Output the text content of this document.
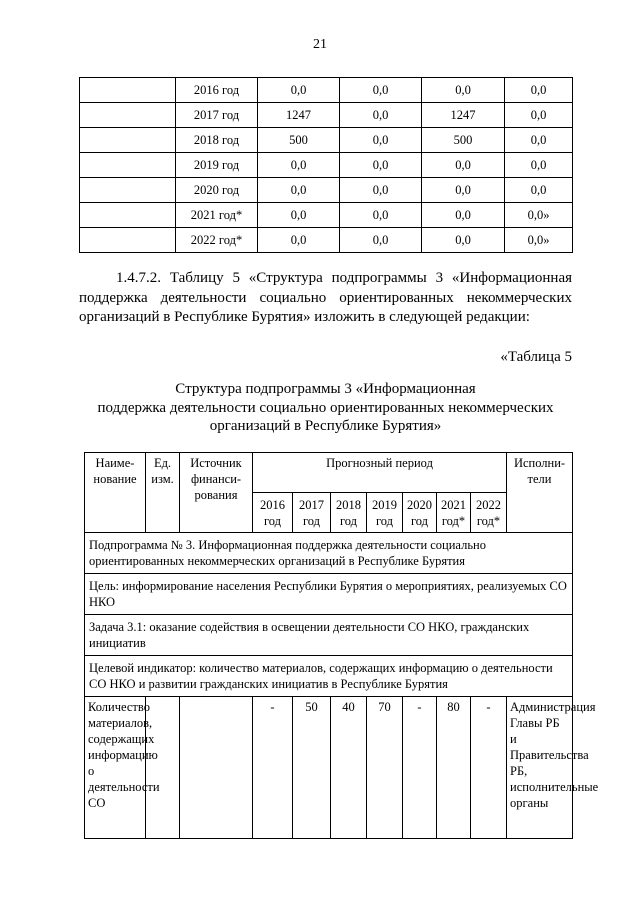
21
	2016 год	0,0	0,0	0,0	0,0
	2017 год	1247	0,0	1247	0,0
	2018 год	500	0,0	500	0,0
	2019 год	0,0	0,0	0,0	0,0
	2020 год	0,0	0,0	0,0	0,0
	2021 год*	0,0	0,0	0,0	0,0»
	2022 год*	0,0	0,0	0,0	0,0»
1.4.7.2. Таблицу 5 «Структура подпрограммы 3 «Информационная поддержка деятельности социально ориентированных некоммерческих организаций в Республике Бурятия» изложить в следующей редакции:
«Таблица 5
Структура подпрограммы 3 «Информационная
поддержка деятельности социально ориентированных некоммерческих
организаций в Республике Бурятия»
Наиме-нование	Ед. изм.	Источник финанси-рования	Прогнозный период							Исполни-тели
			2016 год	2017 год	2018 год	2019 год	2020 год	2021 год*	2022 год*	
Подпрограмма № 3. Информационная поддержка деятельности социально ориентированных некоммерческих организаций в Республике Бурятия										
Цель: информирование населения Республики Бурятия о мероприятиях, реализуемых СО НКО										
Задача 3.1: оказание содействия в освещении деятельности СО НКО, гражданских инициатив										
Целевой индикатор: количество материалов, содержащих информацию о деятельности СО НКО и развитии гражданских инициатив в Республике Бурятия										
Количество материалов, содержащих информацию о деятельности СО			-	50	40	70	-	80	-	Администрация Главы РБ и Правительства РБ, исполнительные органы
